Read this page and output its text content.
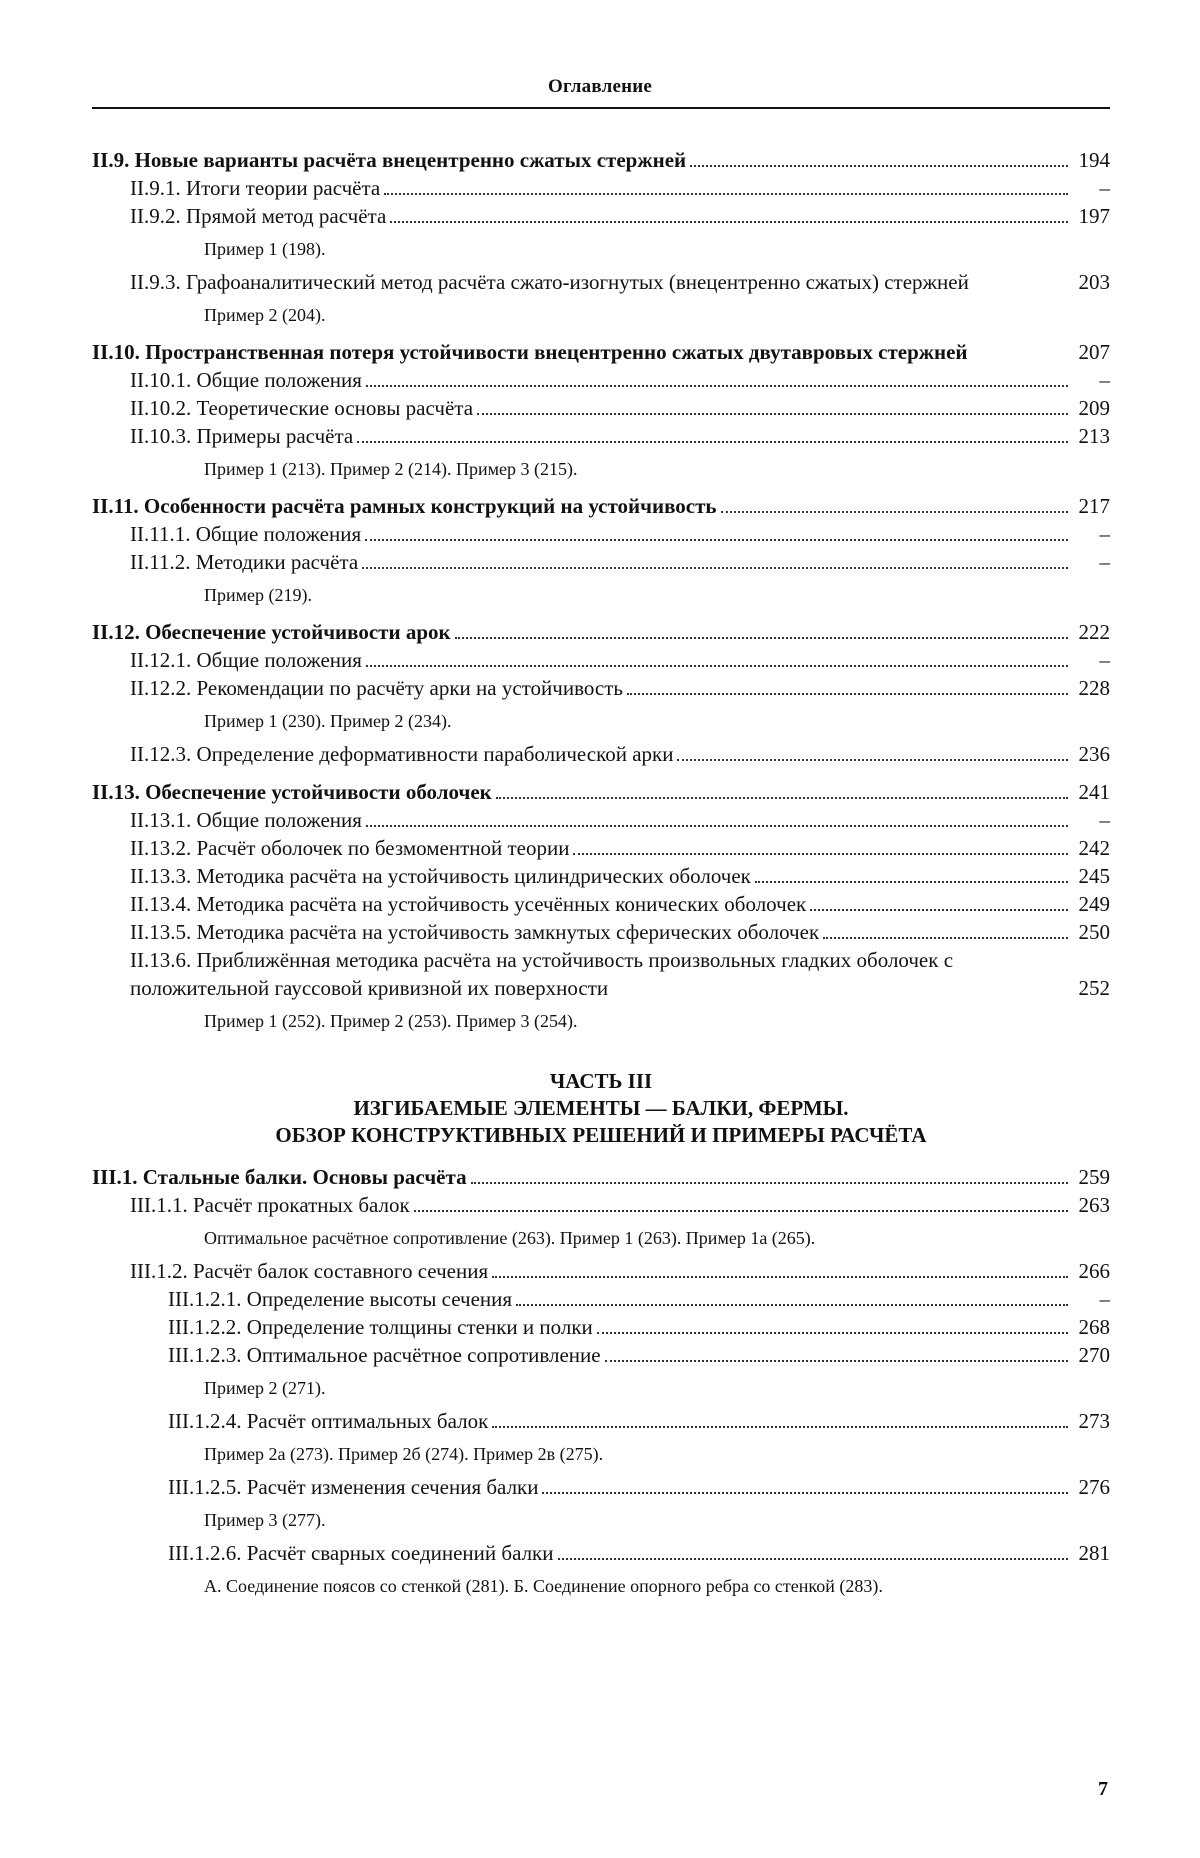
Оглавление
II.9. Новые варианты расчёта внецентренно сжатых стержней	194
II.9.1. Итоги теории расчёта	–
II.9.2. Прямой метод расчёта	197
Пример 1 (198).
II.9.3. Графоаналитический метод расчёта сжато-изогнутых (внецентренно сжатых) стержней	203
Пример 2 (204).
II.10. Пространственная потеря устойчивости внецентренно сжатых двутавровых стержней	207
II.10.1. Общие положения	–
II.10.2. Теоретические основы расчёта	209
II.10.3. Примеры расчёта	213
Пример 1 (213). Пример 2 (214). Пример 3 (215).
II.11. Особенности расчёта рамных конструкций на устойчивость	217
II.11.1. Общие положения	–
II.11.2. Методики расчёта	–
Пример (219).
II.12. Обеспечение устойчивости арок	222
II.12.1. Общие положения	–
II.12.2. Рекомендации по расчёту арки на устойчивость	228
Пример 1 (230). Пример 2 (234).
II.12.3. Определение деформативности параболической арки	236
II.13. Обеспечение устойчивости оболочек	241
II.13.1. Общие положения	–
II.13.2. Расчёт оболочек по безмоментной теории	242
II.13.3. Методика расчёта на устойчивость цилиндрических оболочек	245
II.13.4. Методика расчёта на устойчивость усечённых конических оболочек	249
II.13.5. Методика расчёта на устойчивость замкнутых сферических оболочек	250
II.13.6. Приближённая методика расчёта на устойчивость произвольных гладких оболочек с положительной гауссовой кривизной их поверхности	252
Пример 1 (252). Пример 2 (253). Пример 3 (254).
ЧАСТЬ III
ИЗГИБАЕМЫЕ ЭЛЕМЕНТЫ — БАЛКИ, ФЕРМЫ.
ОБЗОР КОНСТРУКТИВНЫХ РЕШЕНИЙ И ПРИМЕРЫ РАСЧЁТА
III.1. Стальные балки. Основы расчёта	259
III.1.1. Расчёт прокатных балок	263
Оптимальное расчётное сопротивление (263). Пример 1 (263). Пример 1а (265).
III.1.2. Расчёт балок составного сечения	266
III.1.2.1. Определение высоты сечения	–
III.1.2.2. Определение толщины стенки и полки	268
III.1.2.3. Оптимальное расчётное сопротивление	270
Пример 2 (271).
III.1.2.4. Расчёт оптимальных балок	273
Пример 2а (273). Пример 2б (274). Пример 2в (275).
III.1.2.5. Расчёт изменения сечения балки	276
Пример 3 (277).
III.1.2.6. Расчёт сварных соединений балки	281
А. Соединение поясов со стенкой (281). Б. Соединение опорного ребра со стенкой (283).
7
